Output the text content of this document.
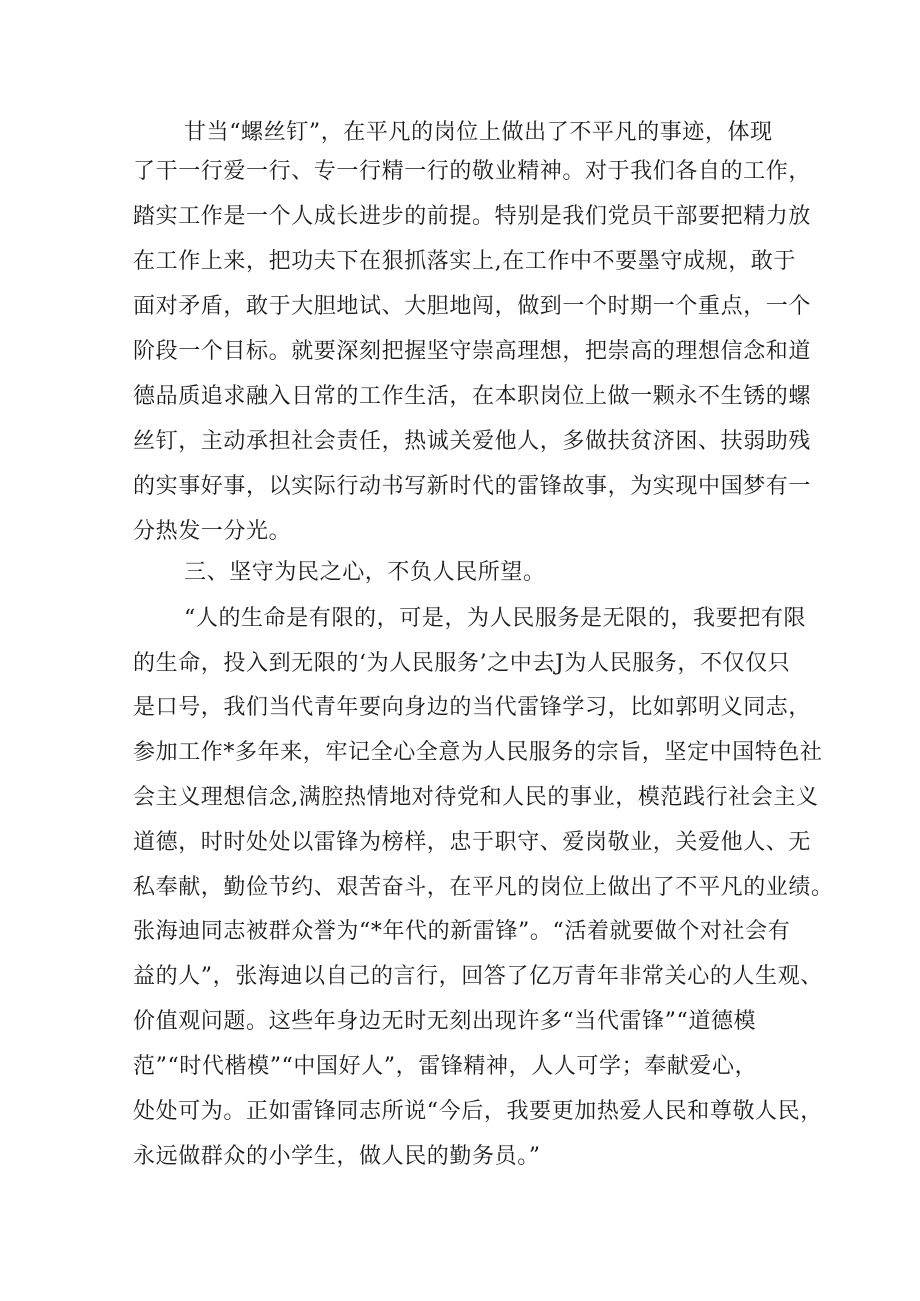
甘当“螺丝钉”，在平凡的岗位上做出了不平凡的事迹，体现
了干一行爱一行、专一行精一行的敬业精神。对于我们各自的工作，
踏实工作是一个人成长进步的前提。特别是我们党员干部要把精力放
在工作上来，把功夫下在狠抓落实上,在工作中不要墨守成规，敢于
面对矛盾，敢于大胆地试、大胆地闯，做到一个时期一个重点，一个
阶段一个目标。就要深刻把握坚守崇高理想，把崇高的理想信念和道
德品质追求融入日常的工作生活，在本职岗位上做一颗永不生锈的螺
丝钉，主动承担社会责任，热诚关爱他人，多做扶贫济困、扶弱助残
的实事好事，以实际行动书写新时代的雷锋故事，为实现中国梦有一
分热发一分光。
三、坚守为民之心，不负人民所望。
“人的生命是有限的，可是，为人民服务是无限的，我要把有限
的生命，投入到无限的‘为人民服务’之中去J为人民服务，不仅仅只
是口号，我们当代青年要向身边的当代雷锋学习，比如郭明义同志，
参加工作*多年来，牢记全心全意为人民服务的宗旨，坚定中国特色社
会主义理想信念,满腔热情地对待党和人民的事业，模范践行社会主义
道德，时时处处以雷锋为榜样，忠于职守、爱岗敬业，关爱他人、无
私奉献，勤俭节约、艰苦奋斗，在平凡的岗位上做出了不平凡的业绩。
张海迪同志被群众誉为“*年代的新雷锋”。“活着就要做个对社会有
益的人”，张海迪以自己的言行，回答了亿万青年非常关心的人生观、
价值观问题。这些年身边无时无刻出现许多“当代雷锋”“道德模
范”“时代楷模”“中国好人”，雷锋精神，人人可学；奉献爱心，
处处可为。正如雷锋同志所说“今后，我要更加热爱人民和尊敬人民，
永远做群众的小学生，做人民的勤务员。”
